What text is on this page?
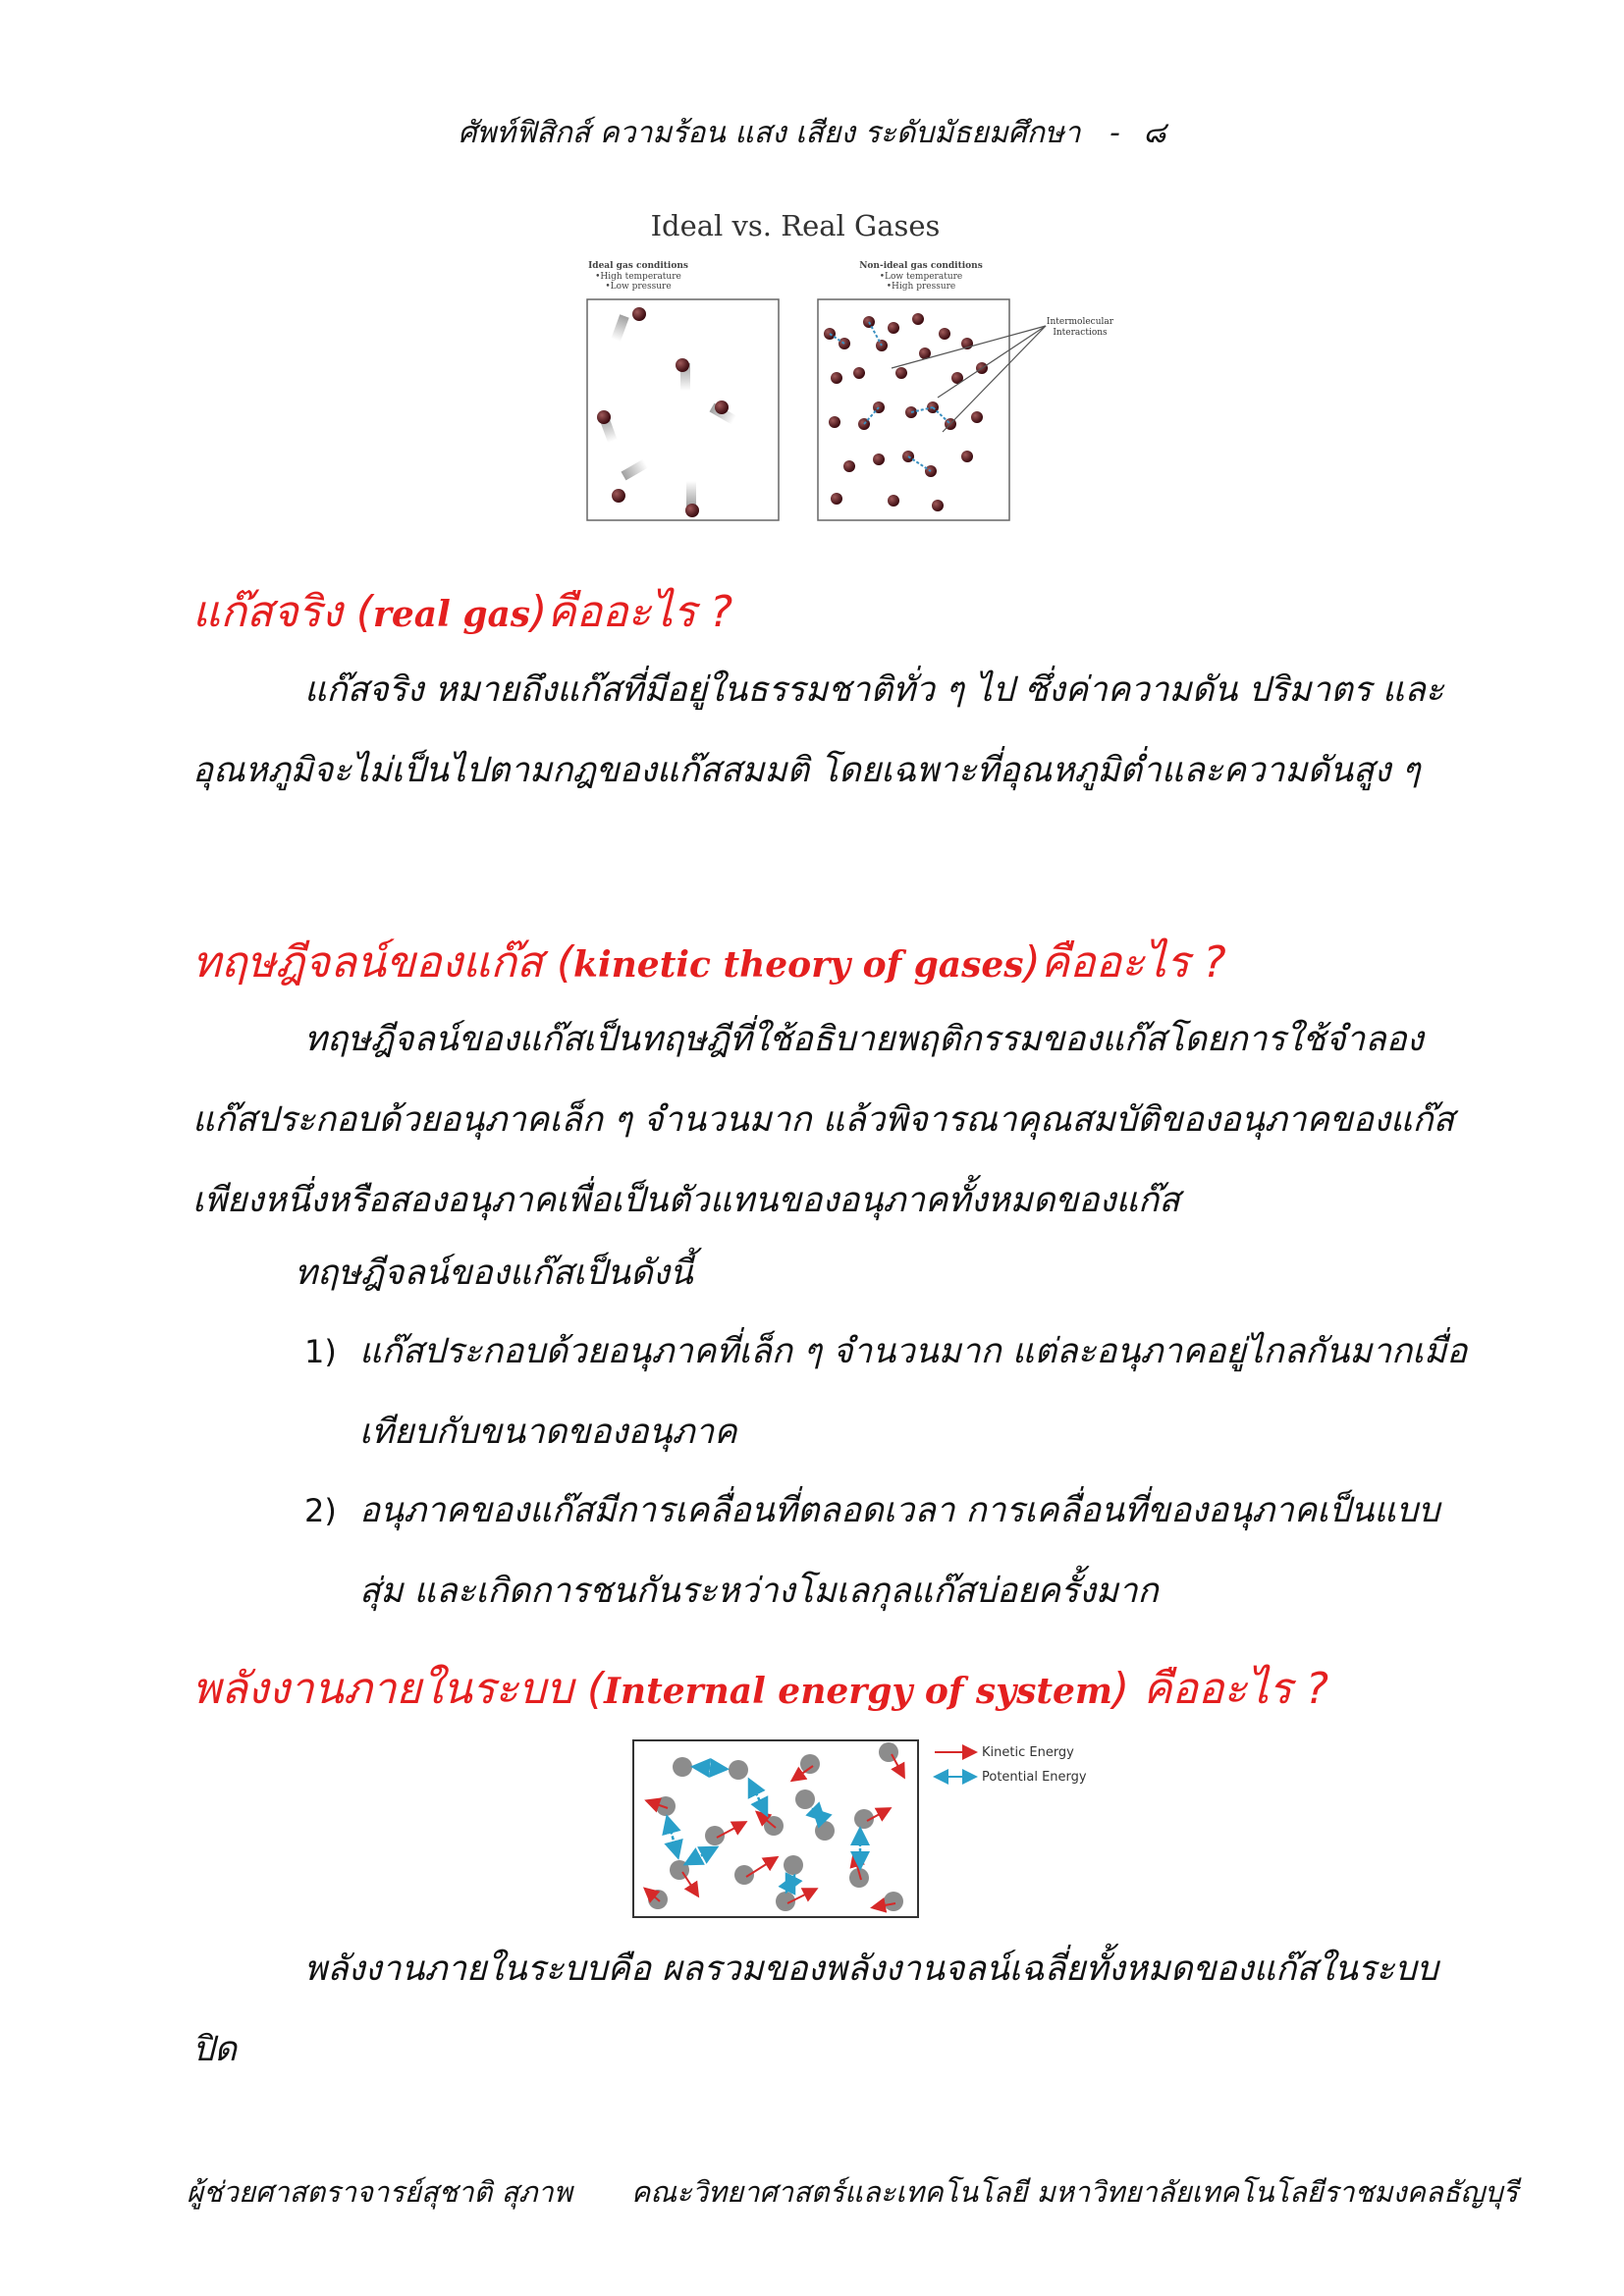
ศัพท์ฟิสิกส์ ความร้อน แสง เสียง ระดับมัธยมศึกษา - ๘
Ideal vs. Real Gases
Ideal gas conditions
•High temperature
•Low pressure
Non-ideal gas conditions
•Low temperature
•High pressure
Intermolecular
Interactions
แก๊สจริง (real gas)คืออะไร ?

แก๊สจริง หมายถึงแก๊สที่มีอยู่ในธรรมชาติทั่ว ๆ ไป ซึ่งค่าความดัน ปริมาตร และอุณหภูมิจะไม่เป็นไปตามกฎของแก๊สสมมติ โดยเฉพาะที่อุณหภูมิต่ำและความดันสูง ๆ

ทฤษฎีจลน์ของแก๊ส (kinetic theory of gases)คืออะไร ?

ทฤษฎีจลน์ของแก๊สเป็นทฤษฎีที่ใช้อธิบายพฤติกรรมของแก๊สโดยการใช้จำลองแก๊สประกอบด้วยอนุภาคเล็ก ๆ จำนวนมาก แล้วพิจารณาคุณสมบัติของอนุภาคของแก๊สเพียงหนึ่งหรือสองอนุภาคเพื่อเป็นตัวแทนของอนุภาคทั้งหมดของแก๊ส

ทฤษฎีจลน์ของแก๊สเป็นดังนี้

1) แก๊สประกอบด้วยอนุภาคที่เล็ก ๆ จำนวนมาก แต่ละอนุภาคอยู่ไกลกันมากเมื่อเทียบกับขนาดของอนุภาค
2) อนุภาคของแก๊สมีการเคลื่อนที่ตลอดเวลา การเคลื่อนที่ของอนุภาคเป็นแบบสุ่ม และเกิดการชนกันระหว่างโมเลกุลแก๊สบ่อยครั้งมาก
พลังงานภายในระบบ (Internal energy of system) คืออะไร ?
Kinetic Energy
Potential Energy

พลังงานภายในระบบคือ ผลรวมของพลังงานจลน์เฉลี่ยทั้งหมดของแก๊สในระบบปิด

ผู้ช่วยศาสตราจารย์สุชาติ สุภาพ คณะวิทยาศาสตร์และเทคโนโลยี มหาวิทยาลัยเทคโนโลยีราชมงคลธัญบุรี
